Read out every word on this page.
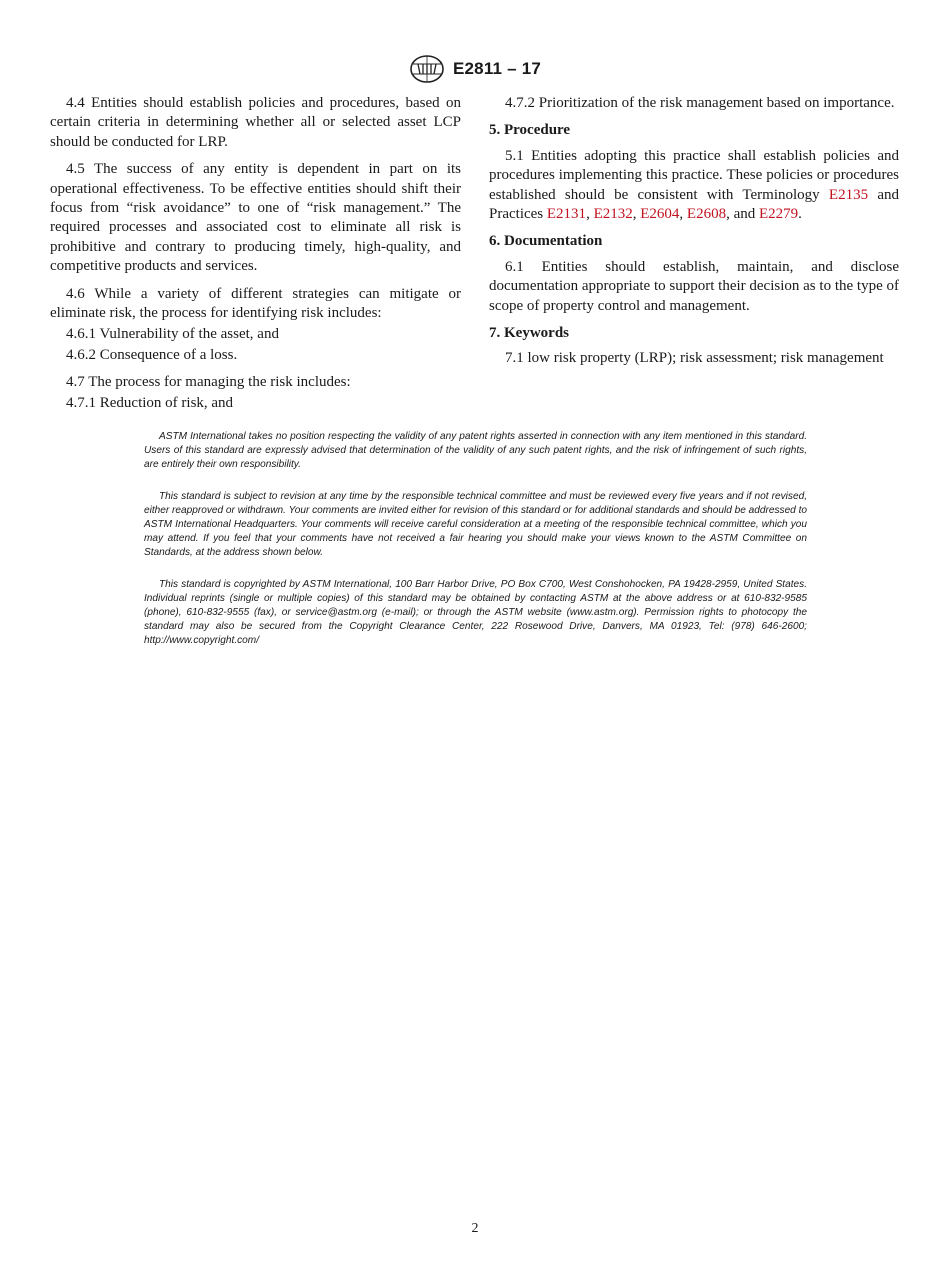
E2811 – 17

4.4 Entities should establish policies and procedures, based on certain criteria in determining whether all or selected asset LCP should be conducted for LRP.

4.5 The success of any entity is dependent in part on its operational effectiveness. To be effective entities should shift their focus from “risk avoidance” to one of “risk management.” The required processes and associated cost to eliminate all risk is prohibitive and contrary to producing timely, high-quality, and competitive products and services.

4.6 While a variety of different strategies can mitigate or eliminate risk, the process for identifying risk includes:

4.6.1 Vulnerability of the asset, and

4.6.2 Consequence of a loss.

4.7 The process for managing the risk includes:

4.7.1 Reduction of risk, and

4.7.2 Prioritization of the risk management based on importance.

5. Procedure

5.1 Entities adopting this practice shall establish policies and procedures implementing this practice. These policies or procedures established should be consistent with Terminology E2135 and Practices E2131, E2132, E2604, E2608, and E2279.

6. Documentation

6.1 Entities should establish, maintain, and disclose documentation appropriate to support their decision as to the type of scope of property control and management.

7. Keywords

7.1 low risk property (LRP); risk assessment; risk management

ASTM International takes no position respecting the validity of any patent rights asserted in connection with any item mentioned in this standard. Users of this standard are expressly advised that determination of the validity of any such patent rights, and the risk of infringement of such rights, are entirely their own responsibility.

This standard is subject to revision at any time by the responsible technical committee and must be reviewed every five years and if not revised, either reapproved or withdrawn. Your comments are invited either for revision of this standard or for additional standards and should be addressed to ASTM International Headquarters. Your comments will receive careful consideration at a meeting of the responsible technical committee, which you may attend. If you feel that your comments have not received a fair hearing you should make your views known to the ASTM Committee on Standards, at the address shown below.

This standard is copyrighted by ASTM International, 100 Barr Harbor Drive, PO Box C700, West Conshohocken, PA 19428-2959, United States. Individual reprints (single or multiple copies) of this standard may be obtained by contacting ASTM at the above address or at 610-832-9585 (phone), 610-832-9555 (fax), or service@astm.org (e-mail); or through the ASTM website (www.astm.org). Permission rights to photocopy the standard may also be secured from the Copyright Clearance Center, 222 Rosewood Drive, Danvers, MA 01923, Tel: (978) 646-2600; http://www.copyright.com/

2
